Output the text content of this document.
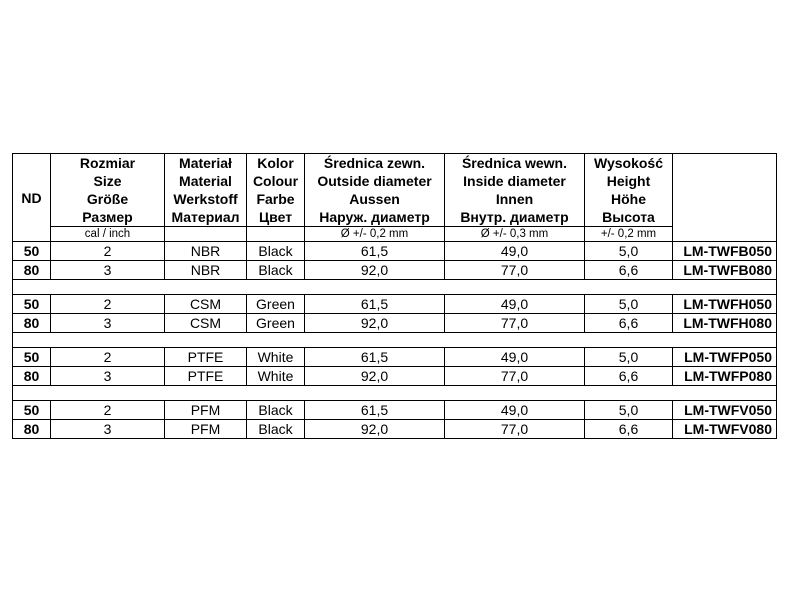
ND	Rozmiar
Size
Größe
Размер	Materiał
Material
Werkstoff
Материал	Kolor
Colour
Farbe
Цвет	Średnica zewn.
Outside diameter
Aussen
Наруж. диаметр	Średnica wewn.
Inside diameter
Innen
Внутр. диаметр	Wysokość
Height
Höhe
Высота	

	cal / inch			Ø +/- 0,2 mm	Ø +/- 0,3 mm	+/- 0,2 mm	
50	2	NBR	Black	61,5	49,0	5,0	LM-TWFB050
80	3	NBR	Black	92,0	77,0	6,6	LM-TWFB080

50	2	CSM	Green	61,5	49,0	5,0	LM-TWFH050
80	3	CSM	Green	92,0	77,0	6,6	LM-TWFH080

50	2	PTFE	White	61,5	49,0	5,0	LM-TWFP050
80	3	PTFE	White	92,0	77,0	6,6	LM-TWFP080

50	2	PFM	Black	61,5	49,0	5,0	LM-TWFV050
80	3	PFM	Black	92,0	77,0	6,6	LM-TWFV080
